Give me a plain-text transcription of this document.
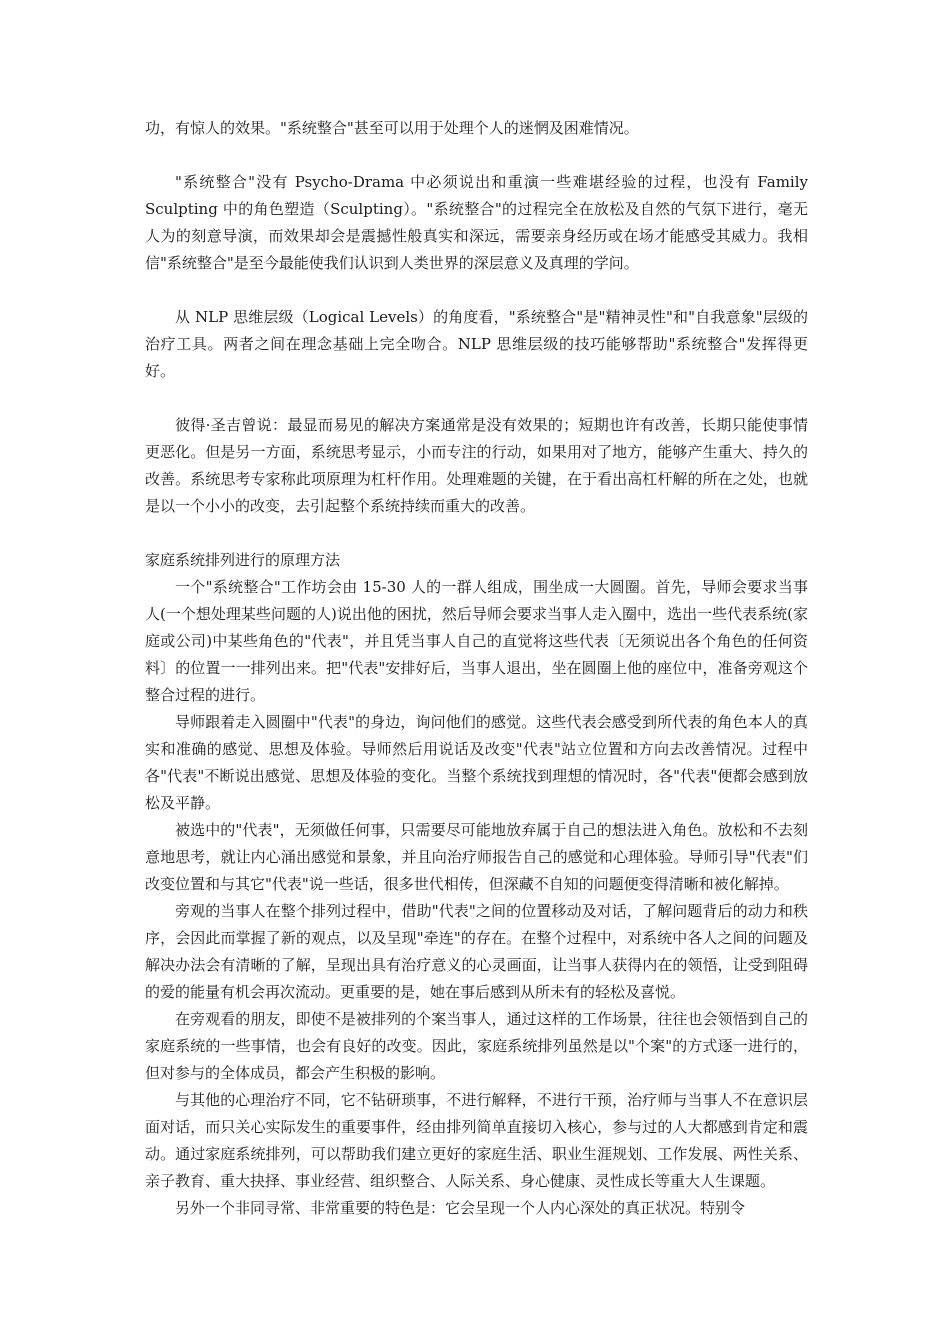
功，有惊人的效果。"系统整合"甚至可以用于处理个人的迷惘及困难情况。

"系统整合"没有 Psycho-Drama 中必须说出和重演一些难堪经验的过程，也没有 Family Sculpting 中的角色塑造（Sculpting）。"系统整合"的过程完全在放松及自然的气氛下进行，毫无人为的刻意导演，而效果却会是震撼性般真实和深远，需要亲身经历或在场才能感受其威力。我相信"系统整合"是至今最能使我们认识到人类世界的深层意义及真理的学问。

从 NLP 思维层级（Logical Levels）的角度看，"系统整合"是"精神灵性"和"自我意象"层级的治疗工具。两者之间在理念基础上完全吻合。NLP 思维层级的技巧能够帮助"系统整合"发挥得更好。

彼得·圣吉曾说：最显而易见的解决方案通常是没有效果的；短期也许有改善，长期只能使事情更恶化。但是另一方面，系统思考显示，小而专注的行动，如果用对了地方，能够产生重大、持久的改善。系统思考专家称此项原理为杠杆作用。处理难题的关键，在于看出高杠杆解的所在之处，也就是以一个小小的改变，去引起整个系统持续而重大的改善。

家庭系统排列进行的原理方法

一个"系统整合"工作坊会由 15-30 人的一群人组成，围坐成一大圆圈。首先，导师会要求当事人(一个想处理某些问题的人)说出他的困扰，然后导师会要求当事人走入圈中，选出一些代表系统(家庭或公司)中某些角色的"代表"，并且凭当事人自己的直觉将这些代表〔无须说出各个角色的任何资料〕的位置一一排列出来。把"代表"安排好后，当事人退出，坐在圆圈上他的座位中，准备旁观这个整合过程的进行。

导师跟着走入圆圈中"代表"的身边，询问他们的感觉。这些代表会感受到所代表的角色本人的真实和准确的感觉、思想及体验。导师然后用说话及改变"代表"站立位置和方向去改善情况。过程中各"代表"不断说出感觉、思想及体验的变化。当整个系统找到理想的情况时，各"代表"便都会感到放松及平静。

被选中的"代表"，无须做任何事，只需要尽可能地放弃属于自己的想法进入角色。放松和不去刻意地思考，就让内心涌出感觉和景象，并且向治疗师报告自己的感觉和心理体验。导师引导"代表"们改变位置和与其它"代表"说一些话，很多世代相传，但深藏不自知的问题便变得清晰和被化解掉。

旁观的当事人在整个排列过程中，借助"代表"之间的位置移动及对话，了解问题背后的动力和秩序，会因此而掌握了新的观点，以及呈现"牵连"的存在。在整个过程中，对系统中各人之间的问题及解决办法会有清晰的了解，呈现出具有治疗意义的心灵画面，让当事人获得内在的领悟，让受到阻碍的爱的能量有机会再次流动。更重要的是，她在事后感到从所未有的轻松及喜悦。

在旁观看的朋友，即使不是被排列的个案当事人，通过这样的工作场景，往往也会领悟到自己的家庭系统的一些事情，也会有良好的改变。因此，家庭系统排列虽然是以"个案"的方式逐一进行的，但对参与的全体成员，都会产生积极的影响。

与其他的心理治疗不同，它不钻研琐事，不进行解释，不进行干预，治疗师与当事人不在意识层面对话，而只关心实际发生的重要事件，经由排列简单直接切入核心，参与过的人大都感到肯定和震动。通过家庭系统排列，可以帮助我们建立更好的家庭生活、职业生涯规划、工作发展、两性关系、亲子教育、重大抉择、事业经营、组织整合、人际关系、身心健康、灵性成长等重大人生课题。

另外一个非同寻常、非常重要的特色是：它会呈现一个人内心深处的真正状况。特别令
